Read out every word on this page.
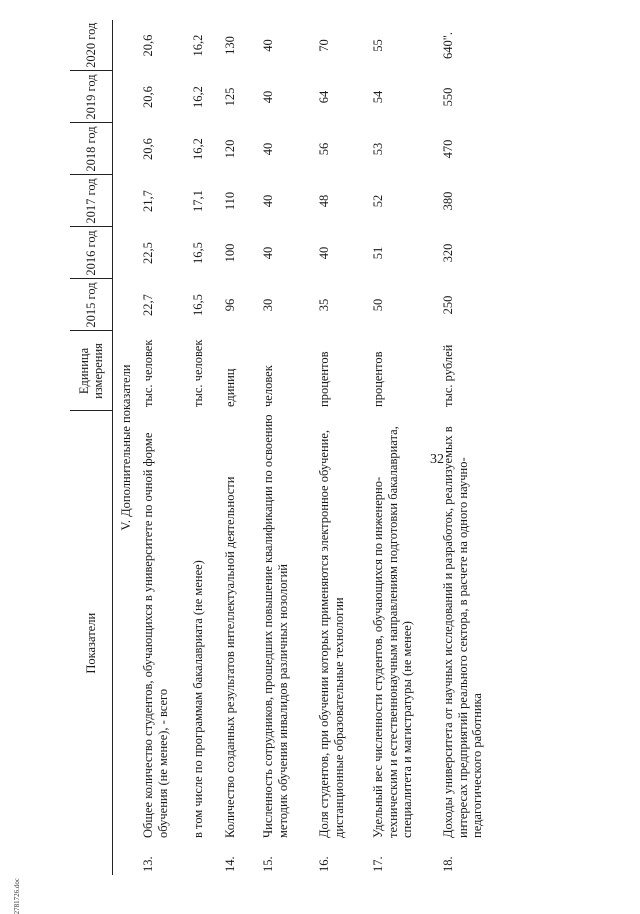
32
2781726.doc
Показатели		Единица измерения	2015 год	2016 год	2017 год	2018 год	2019 год	2020 год
V. Дополнительные показатели								
13.	Общее количество студентов, обучающихся в университете по очной форме обучения (не менее), - всего	тыс. человек	22,7	22,5	21,7	20,6	20,6	20,6
	в том числе по программам бакалавриата (не менее)	тыс. человек	16,5	16,5	17,1	16,2	16,2	16,2
14.	Количество созданных результатов интеллектуальной деятельности	единиц	96	100	110	120	125	130
15.	Численность сотрудников, прошедших повышение квалификации по освоению методик обучения инвалидов различных нозологий	человек	30	40	40	40	40	40
16.	Доля студентов, при обучении которых применяются электронное обучение, дистанционные образовательные технологии	процентов	35	40	48	56	64	70
17.	Удельный вес численности студентов, обучающихся по инженерно-техническим и естественнонаучным направлениям подготовки бакалавриата, специалитета и магистратуры (не менее)	процентов	50	51	52	53	54	55
18.	Доходы университета от научных исследований и разработок, реализуемых в интересах предприятий реального сектора, в расчете на одного научно-педагогического работника	тыс. рублей	250	320	380	470	550	640".
